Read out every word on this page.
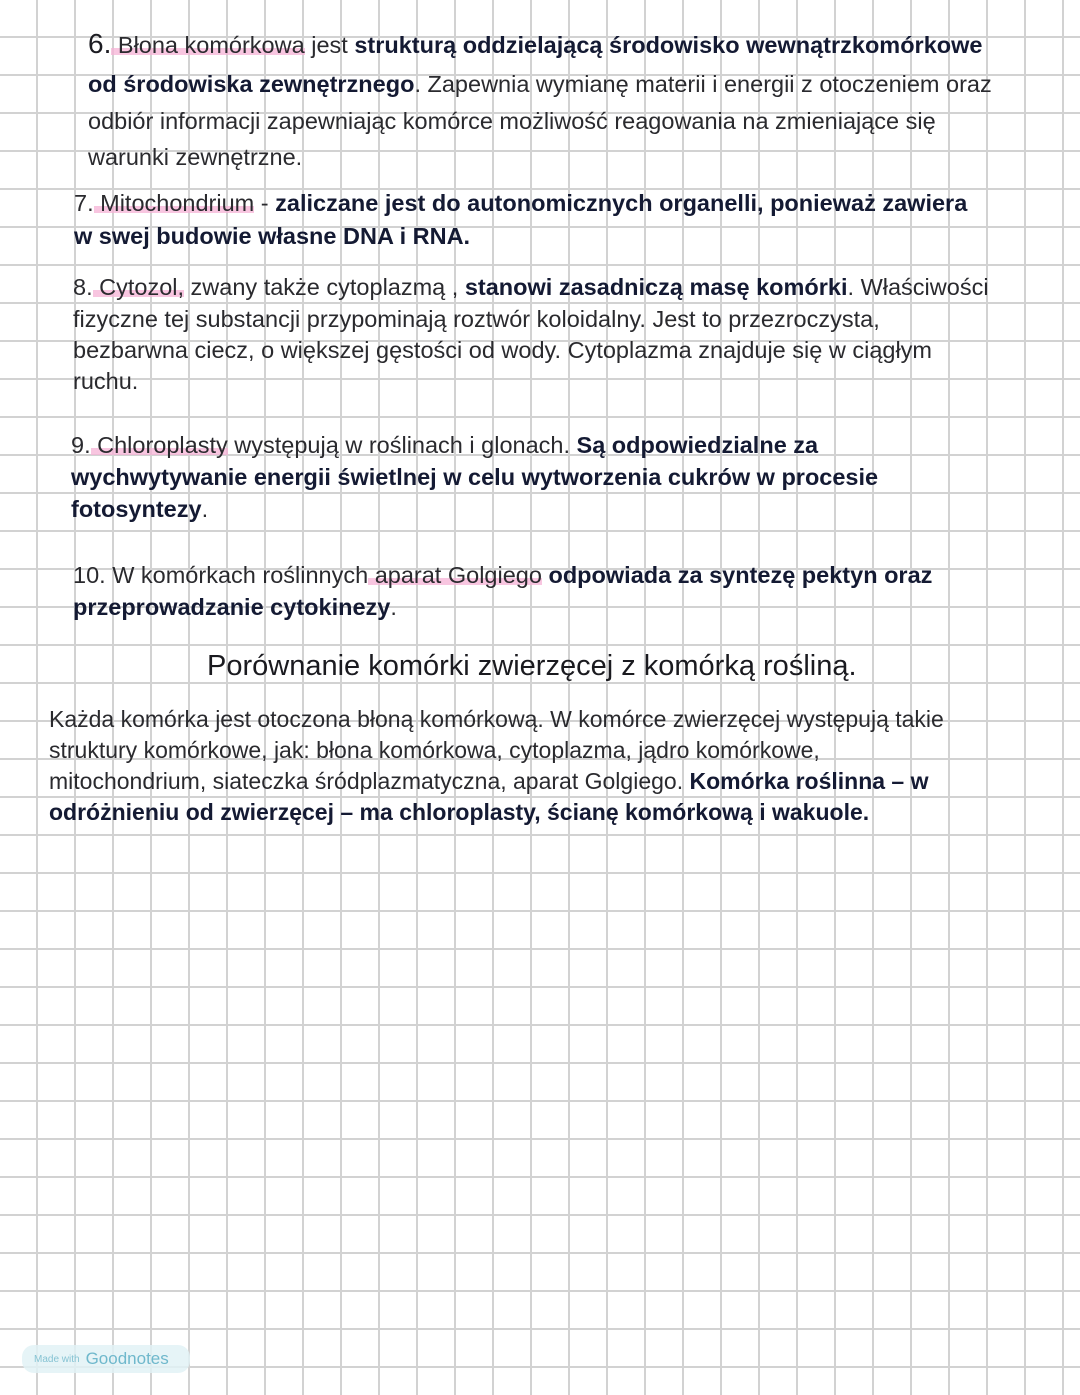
6. Błona komórkowa jest strukturą oddzielającą środowisko wewnątrzkomórkowe
od środowiska zewnętrznego. Zapewnia wymianę materii i energii z otoczeniem oraz
odbiór informacji zapewniając komórce możliwość reagowania na zmieniające się
warunki zewnętrzne.
7. Mitochondrium - zaliczane jest do autonomicznych organelli, ponieważ zawiera
w swej budowie własne DNA i RNA.
8. Cytozol, zwany także cytoplazmą , stanowi zasadniczą masę komórki. Właściwości
fizyczne tej substancji przypominają roztwór koloidalny. Jest to przezroczysta,
bezbarwna ciecz, o większej gęstości od wody. Cytoplazma znajduje się w ciągłym
ruchu.
9. Chloroplasty występują w roślinach i glonach. Są odpowiedzialne za
wychwytywanie energii świetlnej w celu wytworzenia cukrów w procesie
fotosyntezy.
10. W komórkach roślinnych aparat Golgiego odpowiada za syntezę pektyn oraz
przeprowadzanie cytokinezy.
Porównanie komórki zwierzęcej z komórką rośliną.
Każda komórka jest otoczona błoną komórkową. W komórce zwierzęcej występują takie
struktury komórkowe, jak: błona komórkowa, cytoplazma, jądro komórkowe,
mitochondrium, siateczka śródplazmatyczna, aparat Golgiego. Komórka roślinna – w
odróżnieniu od zwierzęcej – ma chloroplasty, ścianę komórkową i wakuole.
Made with Goodnotes
